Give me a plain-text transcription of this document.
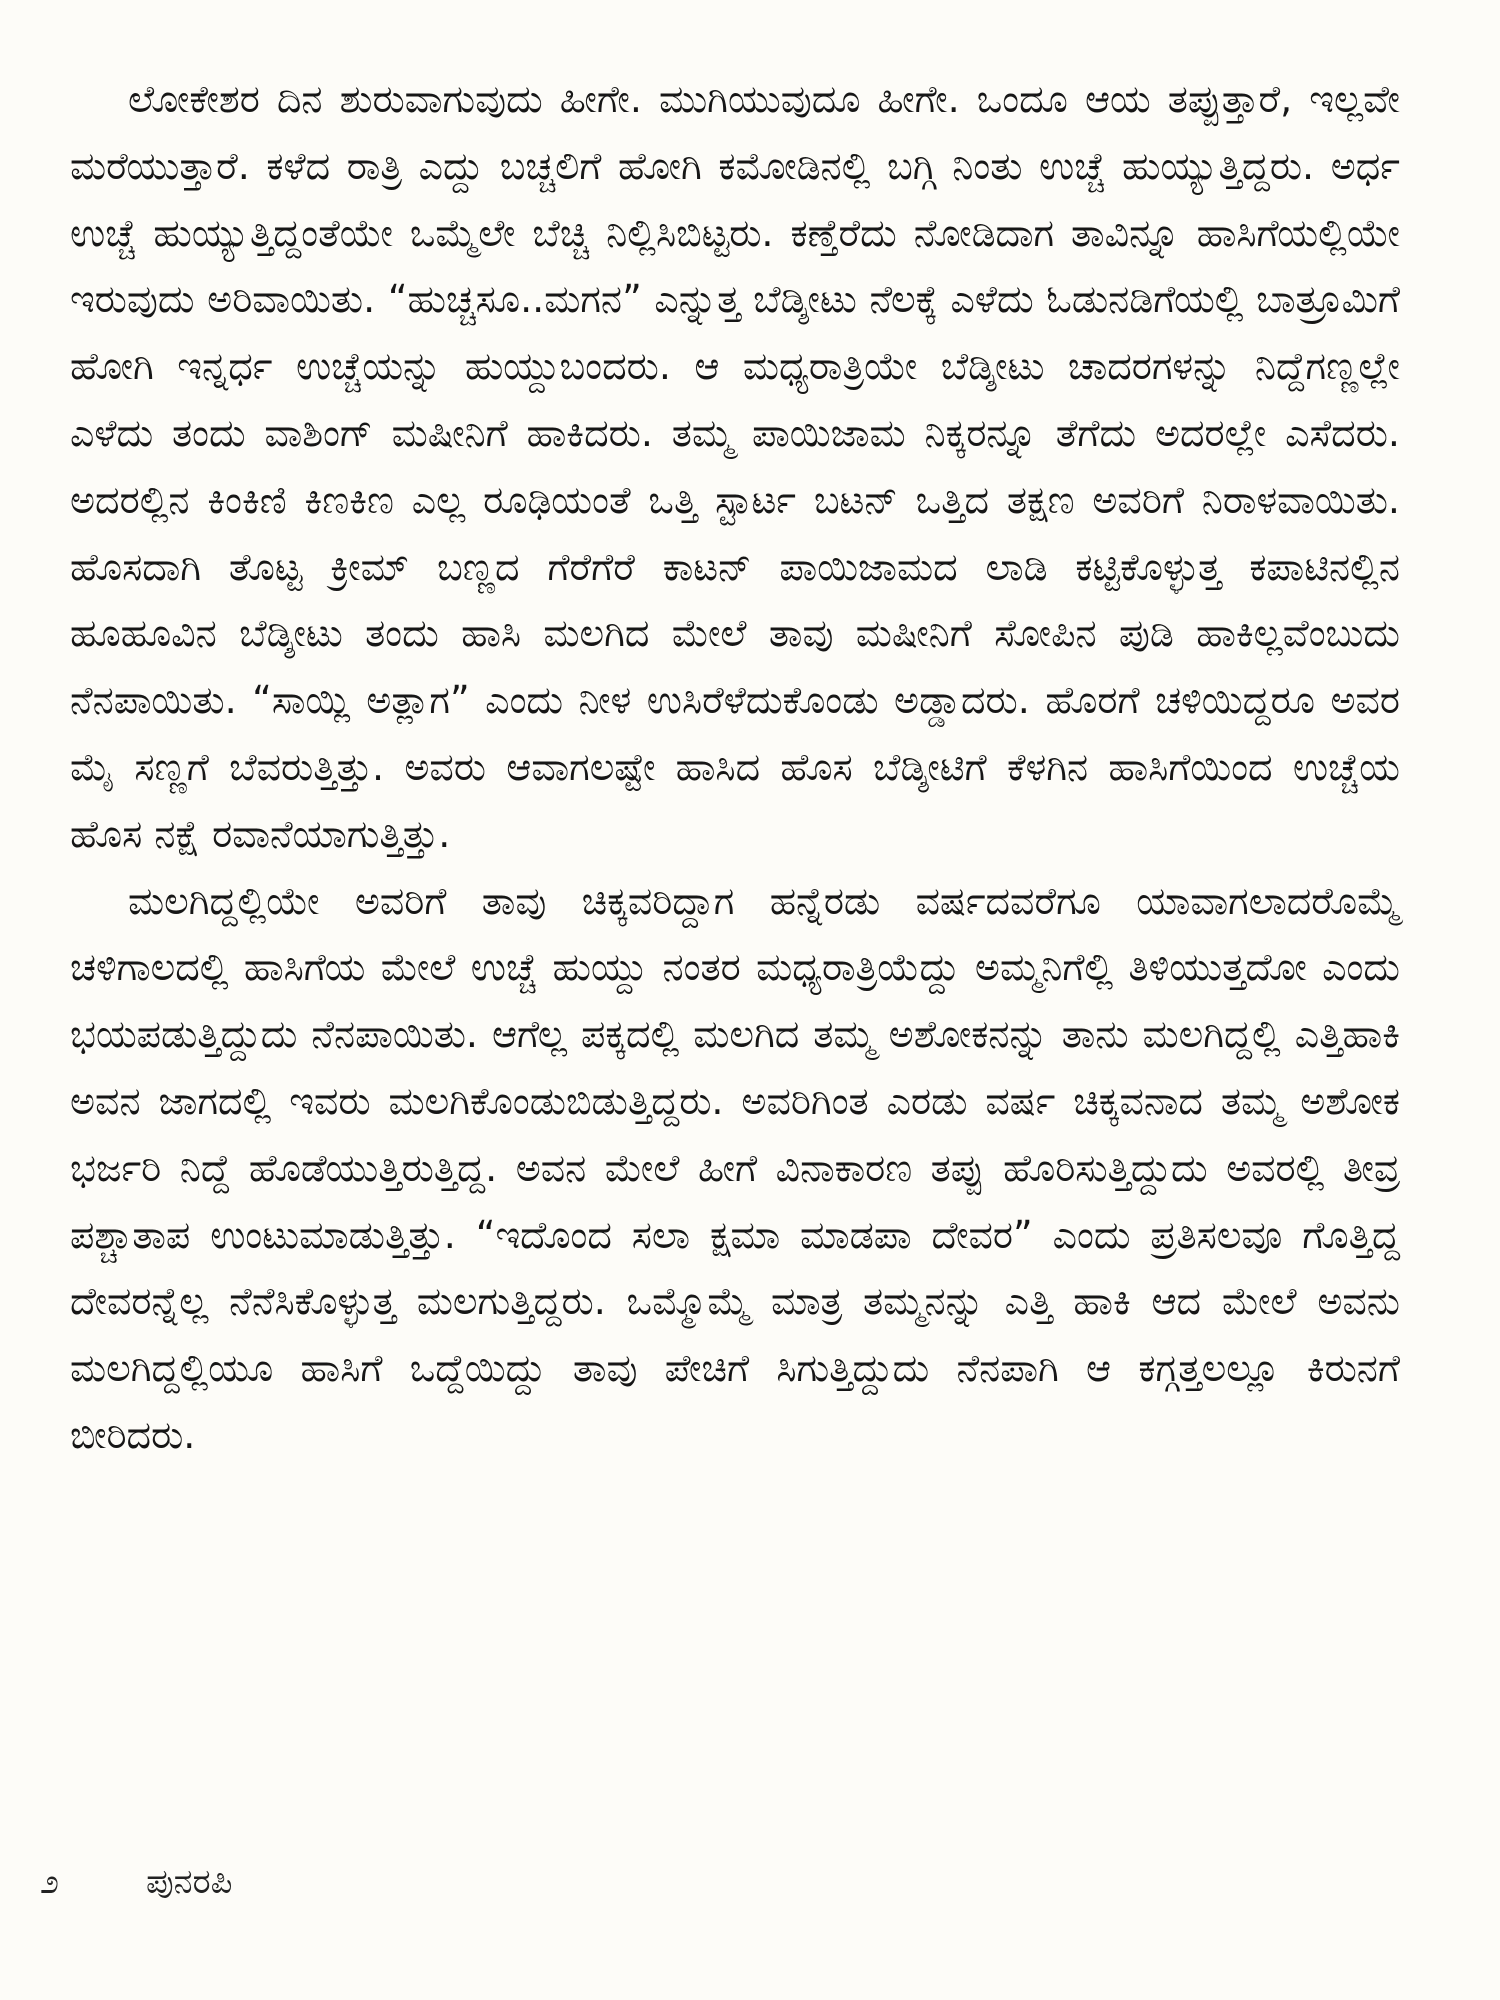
ಲೋಕೇಶರ ದಿನ ಶುರುವಾಗುವುದು ಹೀಗೇ. ಮುಗಿಯುವುದೂ ಹೀಗೇ. ಒಂದೂ ಆಯ ತಪ್ಪುತ್ತಾರೆ, ಇಲ್ಲವೇ ಮರೆಯುತ್ತಾರೆ. ಕಳೆದ ರಾತ್ರಿ ಎದ್ದು ಬಚ್ಚಲಿಗೆ ಹೋಗಿ ಕಮೋಡಿನಲ್ಲಿ ಬಗ್ಗಿ ನಿಂತು ಉಚ್ಚೆ ಹುಯ್ಯುತ್ತಿದ್ದರು. ಅರ್ಧ ಉಚ್ಚೆ ಹುಯ್ಯುತ್ತಿದ್ದಂತೆಯೇ ಒಮ್ಮೆಲೇ ಬೆಚ್ಚಿ ನಿಲ್ಲಿಸಿಬಿಟ್ಟರು. ಕಣ್ತೆರೆದು ನೋಡಿದಾಗ ತಾವಿನ್ನೂ ಹಾಸಿಗೆಯಲ್ಲಿಯೇ ಇರುವುದು ಅರಿವಾಯಿತು. “ಹುಚ್ಚಸೂ..ಮಗನ” ಎನ್ನುತ್ತ ಬೆಡ್ಶೀಟು ನೆಲಕ್ಕೆ ಎಳೆದು ಓಡುನಡಿಗೆಯಲ್ಲಿ ಬಾತ್ರೂಮಿಗೆ ಹೋಗಿ ಇನ್ನರ್ಧ ಉಚ್ಚೆಯನ್ನು ಹುಯ್ದುಬಂದರು. ಆ ಮಧ್ಯರಾತ್ರಿಯೇ ಬೆಡ್ಶೀಟು ಚಾದರಗಳನ್ನು ನಿದ್ದೆಗಣ್ಣಲ್ಲೇ ಎಳೆದು ತಂದು ವಾಶಿಂಗ್ ಮಷೀನಿಗೆ ಹಾಕಿದರು. ತಮ್ಮ ಪಾಯಿಜಾಮ ನಿಕ್ಕರನ್ನೂ ತೆಗೆದು ಅದರಲ್ಲೇ ಎಸೆದರು. ಅದರಲ್ಲಿನ ಕಿಂಕಿಣಿ ಕಿಣಕಿಣ ಎಲ್ಲ ರೂಢಿಯಂತೆ ಒತ್ತಿ ಸ್ಟಾರ್ಟ ಬಟನ್ ಒತ್ತಿದ ತಕ್ಷಣ ಅವರಿಗೆ ನಿರಾಳವಾಯಿತು. ಹೊಸದಾಗಿ ತೊಟ್ಟ ಕ್ರೀಮ್ ಬಣ್ಣದ ಗೆರೆಗೆರೆ ಕಾಟನ್ ಪಾಯಿಜಾಮದ ಲಾಡಿ ಕಟ್ಟಿಕೊಳ್ಳುತ್ತ ಕಪಾಟಿನಲ್ಲಿನ ಹೂಹೂವಿನ ಬೆಡ್ಶೀಟು ತಂದು ಹಾಸಿ ಮಲಗಿದ ಮೇಲೆ ತಾವು ಮಷೀನಿಗೆ ಸೋಪಿನ ಪುಡಿ ಹಾಕಿಲ್ಲವೆಂಬುದು ನೆನಪಾಯಿತು. “ಸಾಯ್ಲಿ ಅತ್ಲಾಗ” ಎಂದು ನೀಳ ಉಸಿರೆಳೆದುಕೊಂಡು ಅಡ್ಡಾದರು. ಹೊರಗೆ ಚಳಿಯಿದ್ದರೂ ಅವರ ಮೈ ಸಣ್ಣಗೆ ಬೆವರುತ್ತಿತ್ತು. ಅವರು ಆವಾಗಲಷ್ಟೇ ಹಾಸಿದ ಹೊಸ ಬೆಡ್ಶೀಟಿಗೆ ಕೆಳಗಿನ ಹಾಸಿಗೆಯಿಂದ ಉಚ್ಚೆಯ ಹೊಸ ನಕ್ಷೆ ರವಾನೆಯಾಗುತ್ತಿತ್ತು.

ಮಲಗಿದ್ದಲ್ಲಿಯೇ ಅವರಿಗೆ ತಾವು ಚಿಕ್ಕವರಿದ್ದಾಗ ಹನ್ನೆರಡು ವರ್ಷದವರೆಗೂ ಯಾವಾಗಲಾದರೊಮ್ಮೆ ಚಳಿಗಾಲದಲ್ಲಿ ಹಾಸಿಗೆಯ ಮೇಲೆ ಉಚ್ಚೆ ಹುಯ್ದು ನಂತರ ಮಧ್ಯರಾತ್ರಿಯೆದ್ದು ಅಮ್ಮನಿಗೆಲ್ಲಿ ತಿಳಿಯುತ್ತದೋ ಎಂದು ಭಯಪಡುತ್ತಿದ್ದುದು ನೆನಪಾಯಿತು. ಆಗೆಲ್ಲ ಪಕ್ಕದಲ್ಲಿ ಮಲಗಿದ ತಮ್ಮ ಅಶೋಕನನ್ನು ತಾನು ಮಲಗಿದ್ದಲ್ಲಿ ಎತ್ತಿಹಾಕಿ ಅವನ ಜಾಗದಲ್ಲಿ ಇವರು ಮಲಗಿಕೊಂಡುಬಿಡುತ್ತಿದ್ದರು. ಅವರಿಗಿಂತ ಎರಡು ವರ್ಷ ಚಿಕ್ಕವನಾದ ತಮ್ಮ ಅಶೋಕ ಭರ್ಜರಿ ನಿದ್ದೆ ಹೊಡೆಯುತ್ತಿರುತ್ತಿದ್ದ. ಅವನ ಮೇಲೆ ಹೀಗೆ ವಿನಾಕಾರಣ ತಪ್ಪು ಹೊರಿಸುತ್ತಿದ್ದುದು ಅವರಲ್ಲಿ ತೀವ್ರ ಪಶ್ಚಾತಾಪ ಉಂಟುಮಾಡುತ್ತಿತ್ತು. “ಇದೊಂದ ಸಲಾ ಕ್ಷಮಾ ಮಾಡಪಾ ದೇವರ” ಎಂದು ಪ್ರತಿಸಲವೂ ಗೊತ್ತಿದ್ದ ದೇವರನ್ನೆಲ್ಲ ನೆನೆಸಿಕೊಳ್ಳುತ್ತ ಮಲಗುತ್ತಿದ್ದರು. ಒಮ್ಮೊಮ್ಮೆ ಮಾತ್ರ ತಮ್ಮನನ್ನು ಎತ್ತಿ ಹಾಕಿ ಆದ ಮೇಲೆ ಅವನು ಮಲಗಿದ್ದಲ್ಲಿಯೂ ಹಾಸಿಗೆ ಒದ್ದೆಯಿದ್ದು ತಾವು ಪೇಚಿಗೆ ಸಿಗುತ್ತಿದ್ದುದು ನೆನಪಾಗಿ ಆ ಕಗ್ಗತ್ತಲಲ್ಲೂ ಕಿರುನಗೆ ಬೀರಿದರು.

೨	ಪುನರಪಿ
